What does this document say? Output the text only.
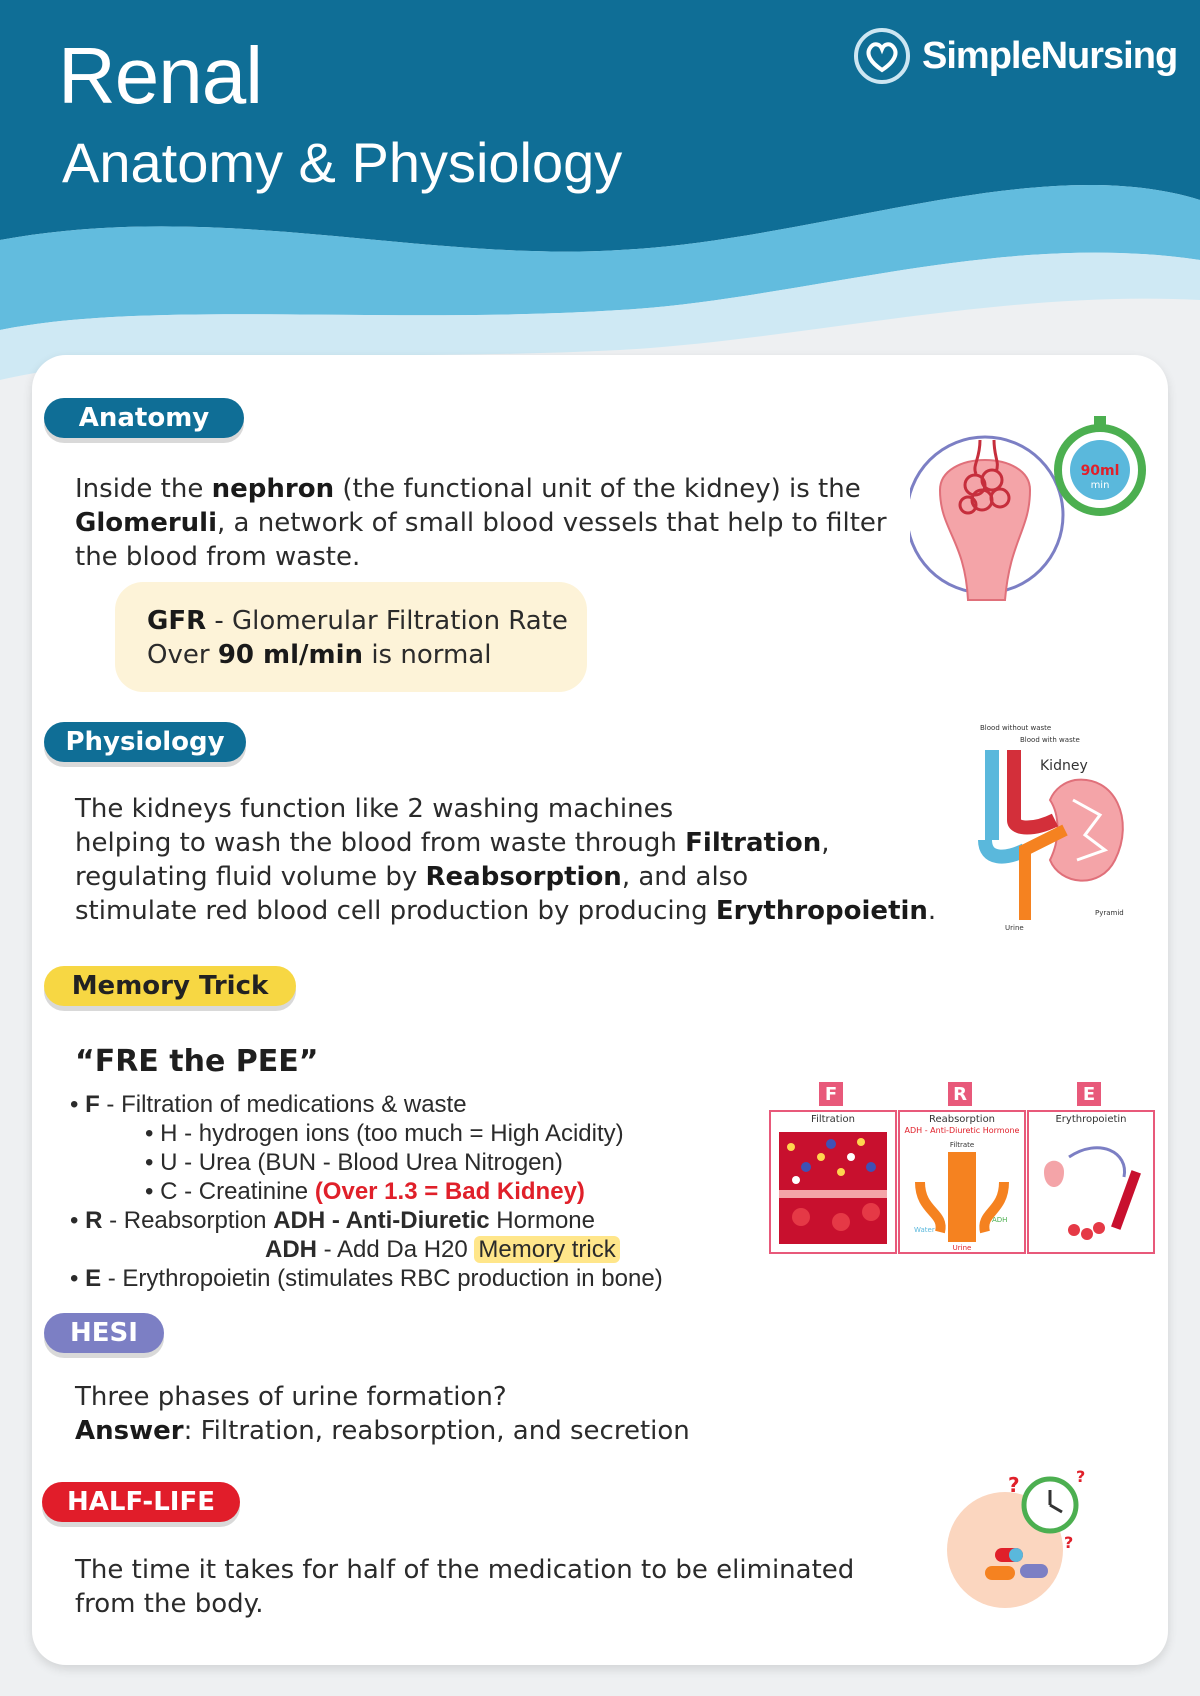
Renal
Anatomy & Physiology
SimpleNursing
Anatomy
Inside the nephron (the functional unit of the kidney) is the
Glomeruli, a network of small blood vessels that help to filter
the blood from waste.
GFR - Glomerular Filtration Rate
Over 90 ml/min is normal
90ml
min
Physiology
The kidneys function like 2 washing machines
helping to wash the blood from waste through Filtration,
regulating fluid volume by Reabsorption, and also
stimulate red blood cell production by producing Erythropoietin.
Blood without waste
Blood with waste
Kidney
Urine
Pyramid
Memory Trick
“FRE the PEE”
• F - Filtration of medications & waste
• H - hydrogen ions (too much = High Acidity)
• U - Urea (BUN - Blood Urea Nitrogen)
• C - Creatinine (Over 1.3 = Bad Kidney)
• R - Reabsorption ADH - Anti-Diuretic Hormone
ADH - Add Da H20 Memory trick
• E - Erythropoietin (stimulates RBC production in bone)
F
Filtration
R
Reabsorption
ADH - Anti-Diuretic Hormone
Filtrate
Water
ADH
Urine
E
Erythropoietin
HESI
Three phases of urine formation?
Answer: Filtration, reabsorption, and secretion
HALF-LIFE
The time it takes for half of the medication to be eliminated
from the body.
?	?
?
